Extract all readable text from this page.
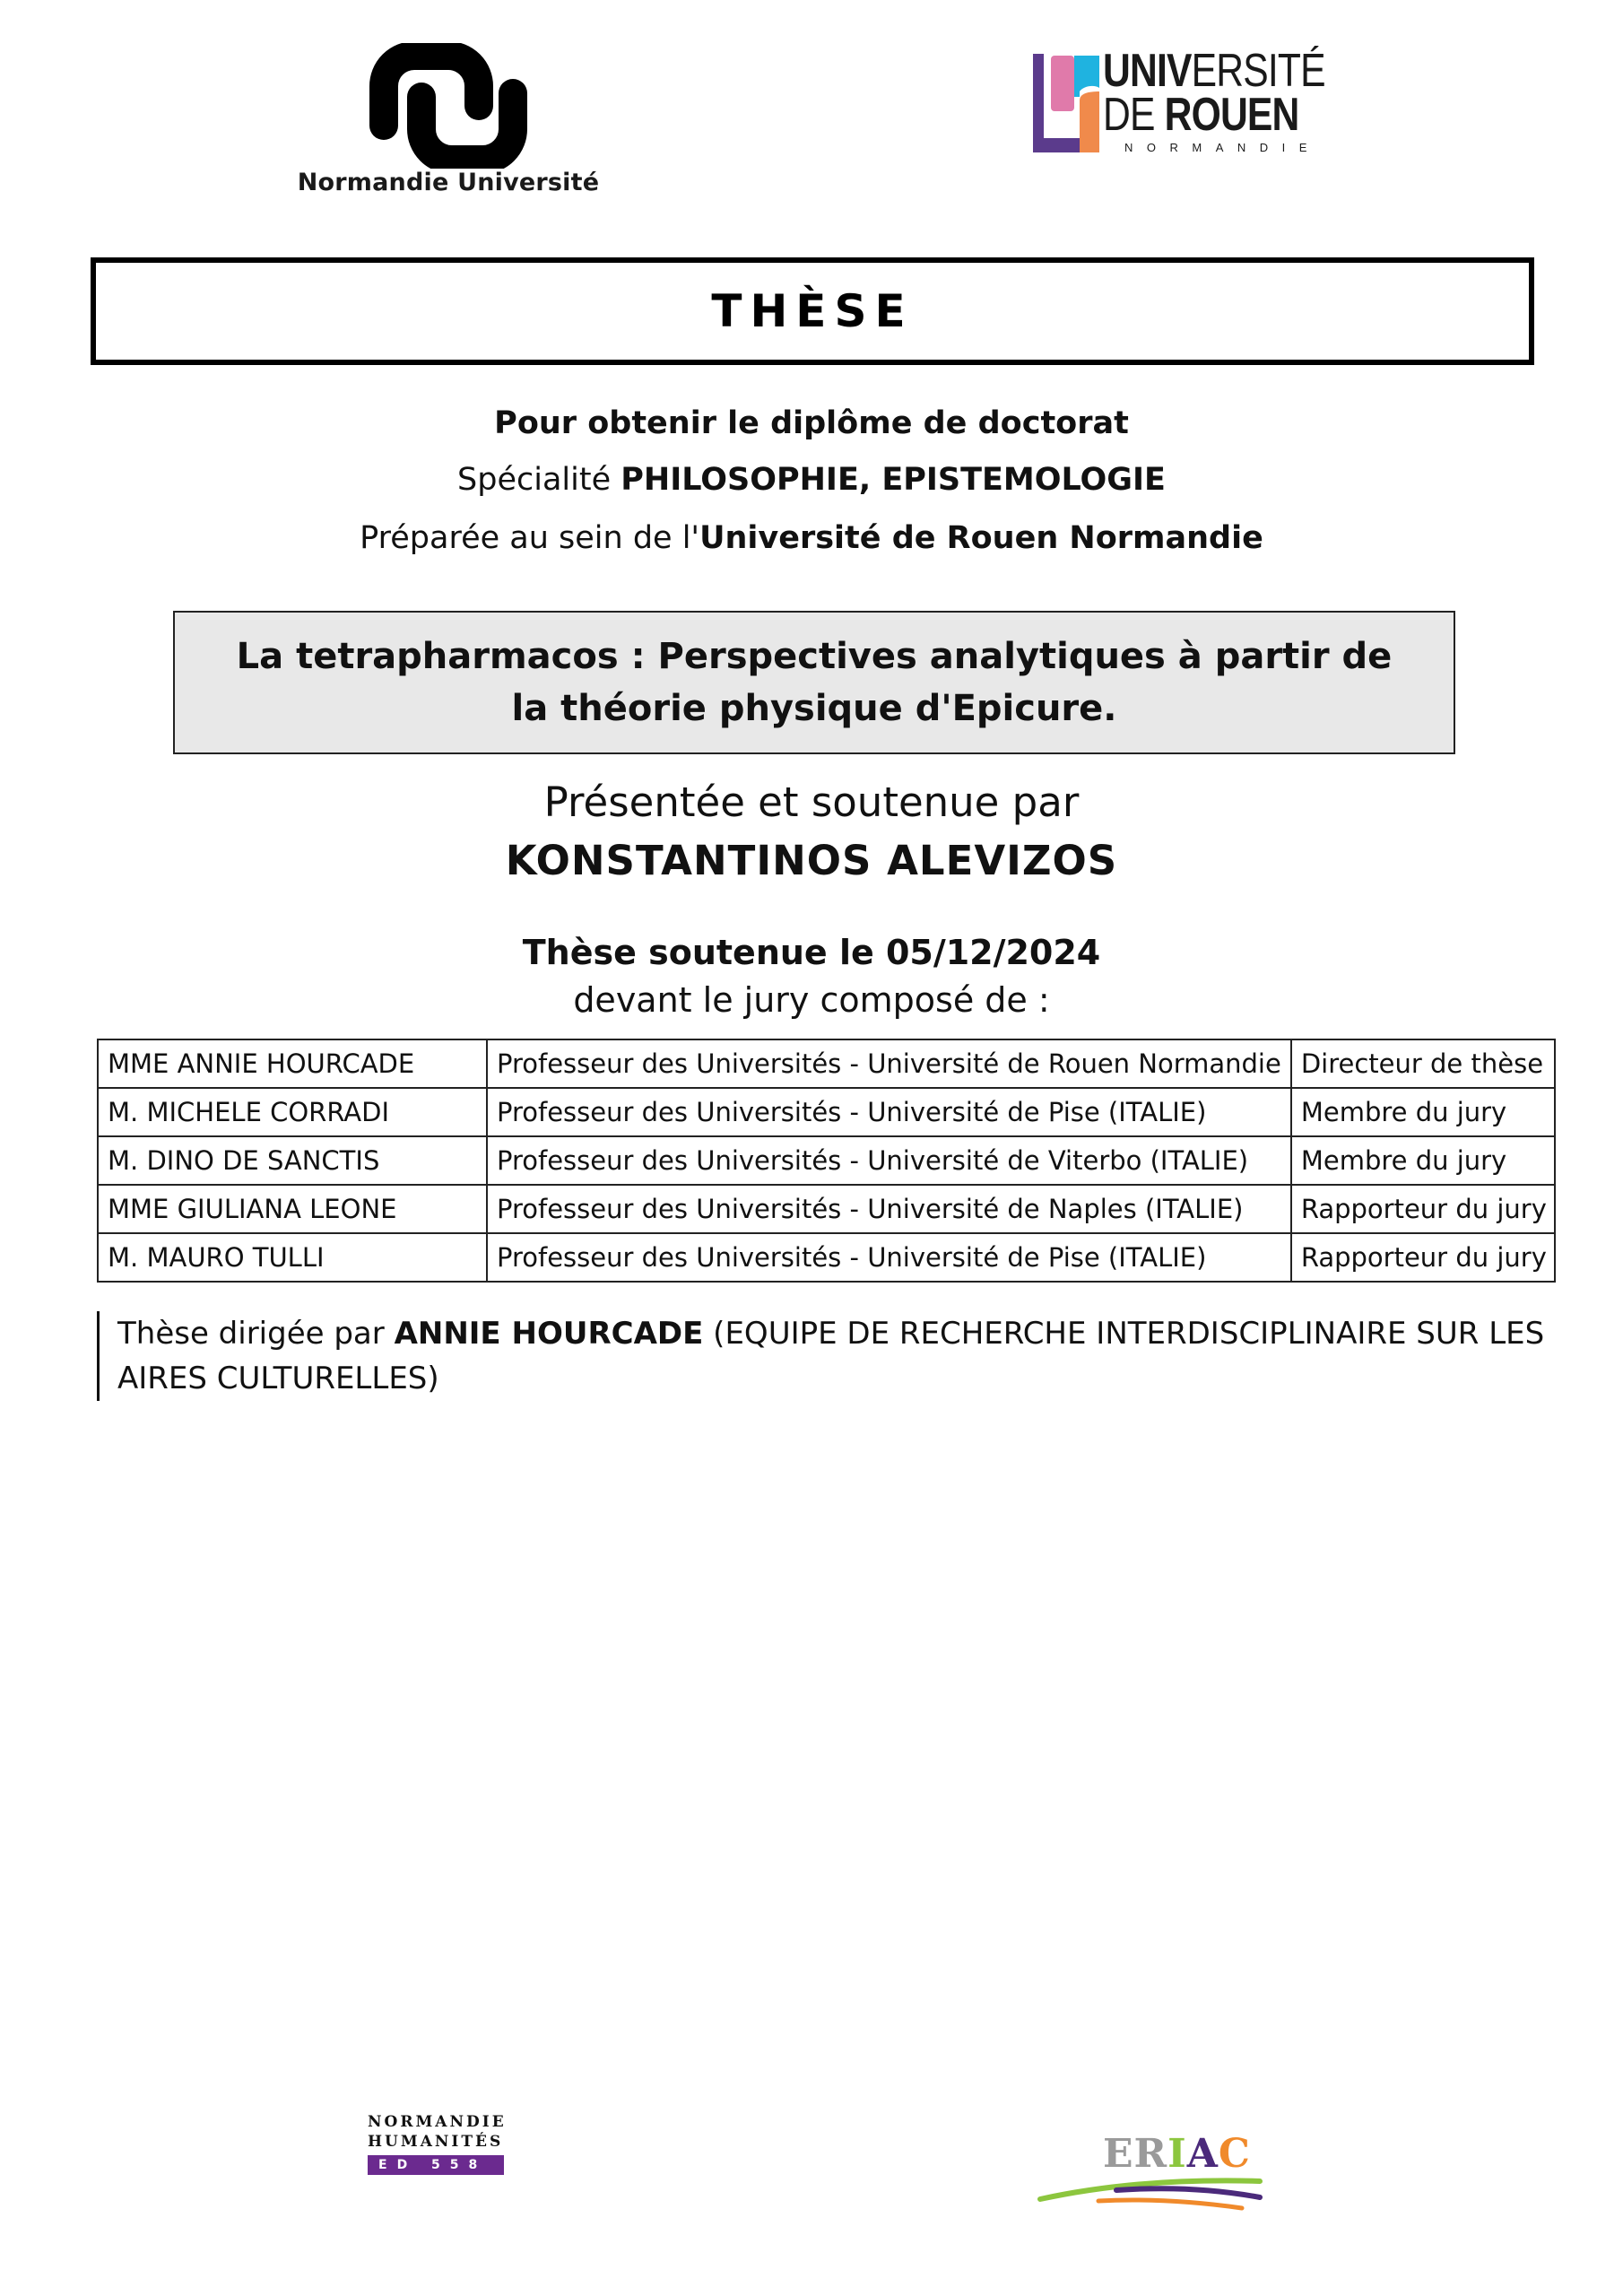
Normandie Université
UNIVERSITÉ
DE ROUEN
NORMANDIE
THÈSE
Pour obtenir le diplôme de doctorat
Spécialité PHILOSOPHIE, EPISTEMOLOGIE
Préparée au sein de l'Université de Rouen Normandie
La tetrapharmacos : Perspectives analytiques à partir de la théorie physique d'Epicure.
Présentée et soutenue par
KONSTANTINOS ALEVIZOS
Thèse soutenue le 05/12/2024
devant le jury composé de :
MME ANNIE HOURCADE	Professeur des Universités - Université de Rouen Normandie	Directeur de thèse
M. MICHELE CORRADI	Professeur des Universités - Université de Pise (ITALIE)	Membre du jury
M. DINO DE SANCTIS	Professeur des Universités - Université de Viterbo (ITALIE)	Membre du jury
MME GIULIANA LEONE	Professeur des Universités - Université de Naples (ITALIE)	Rapporteur du jury
M. MAURO TULLI	Professeur des Universités - Université de Pise (ITALIE)	Rapporteur du jury
Thèse dirigée par ANNIE HOURCADE (EQUIPE DE RECHERCHE INTERDISCIPLINAIRE SUR LES AIRES CULTURELLES)
NORMANDIE
HUMANITÉS
ED 558	ERIAC
